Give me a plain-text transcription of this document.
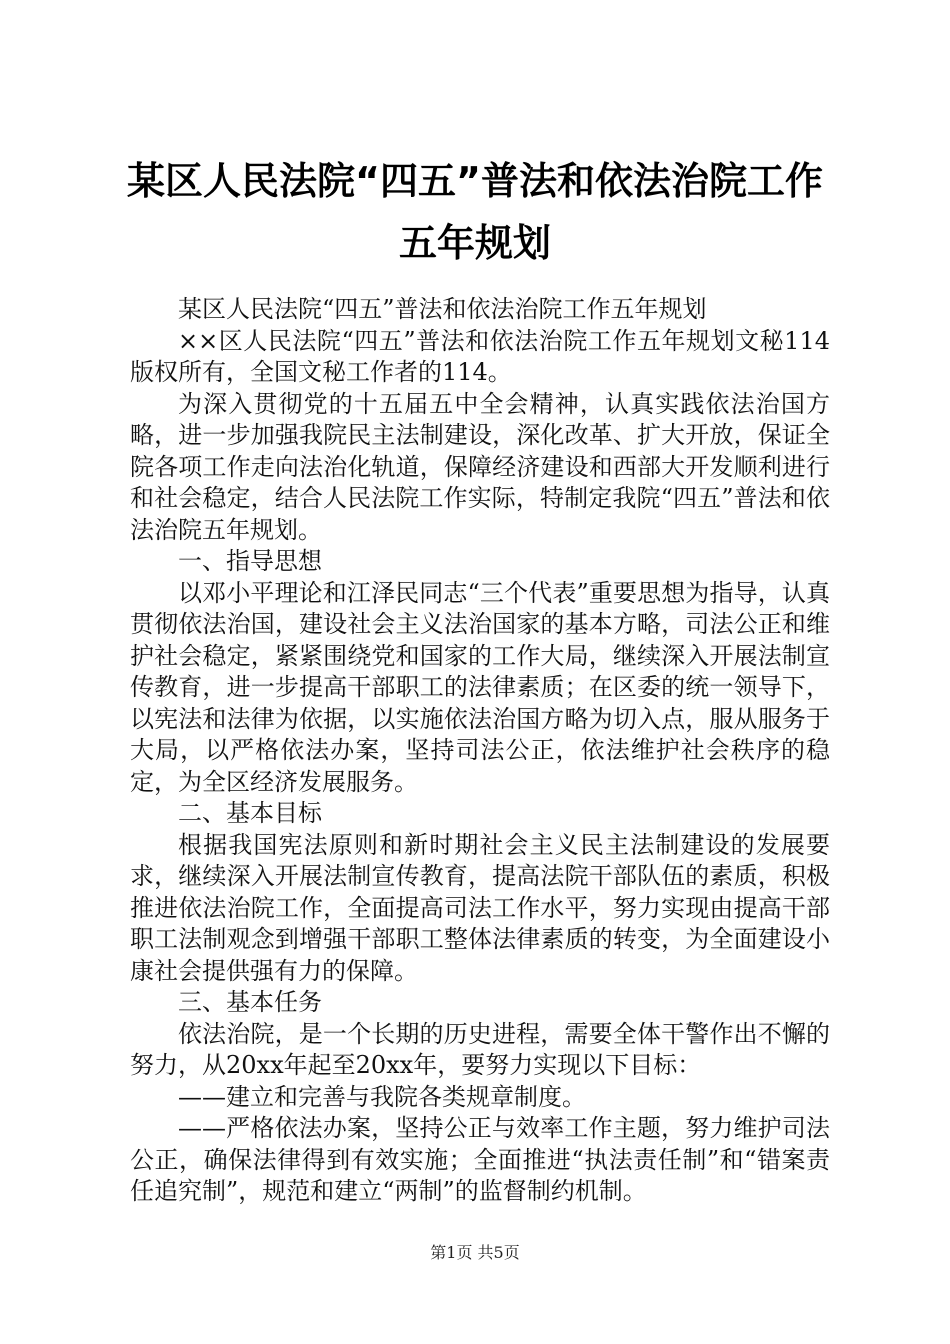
某区人民法院“四五”普法和依法治院工作五年规划

某区人民法院“四五”普法和依法治院工作五年规划

××区人民法院“四五”普法和依法治院工作五年规划文秘114版权所有，全国文秘工作者的114。

为深入贯彻党的十五届五中全会精神，认真实践依法治国方略，进一步加强我院民主法制建设，深化改革、扩大开放，保证全院各项工作走向法治化轨道，保障经济建设和西部大开发顺利进行和社会稳定，结合人民法院工作实际，特制定我院“四五”普法和依法治院五年规划。

一、指导思想

以邓小平理论和江泽民同志“三个代表”重要思想为指导，认真贯彻依法治国，建设社会主义法治国家的基本方略，司法公正和维护社会稳定，紧紧围绕党和国家的工作大局，继续深入开展法制宣传教育，进一步提高干部职工的法律素质；在区委的统一领导下，以宪法和法律为依据，以实施依法治国方略为切入点，服从服务于大局，以严格依法办案，坚持司法公正，依法维护社会秩序的稳定，为全区经济发展服务。

二、基本目标

根据我国宪法原则和新时期社会主义民主法制建设的发展要求，继续深入开展法制宣传教育，提高法院干部队伍的素质，积极推进依法治院工作，全面提高司法工作水平，努力实现由提高干部职工法制观念到增强干部职工整体法律素质的转变，为全面建设小康社会提供强有力的保障。

三、基本任务

依法治院，是一个长期的历史进程，需要全体干警作出不懈的努力，从20xx年起至20xx年，要努力实现以下目标：

——建立和完善与我院各类规章制度。

——严格依法办案，坚持公正与效率工作主题，努力维护司法公正，确保法律得到有效实施；全面推进“执法责任制”和“错案责任追究制”，规范和建立“两制”的监督制约机制。

第1页 共5页
